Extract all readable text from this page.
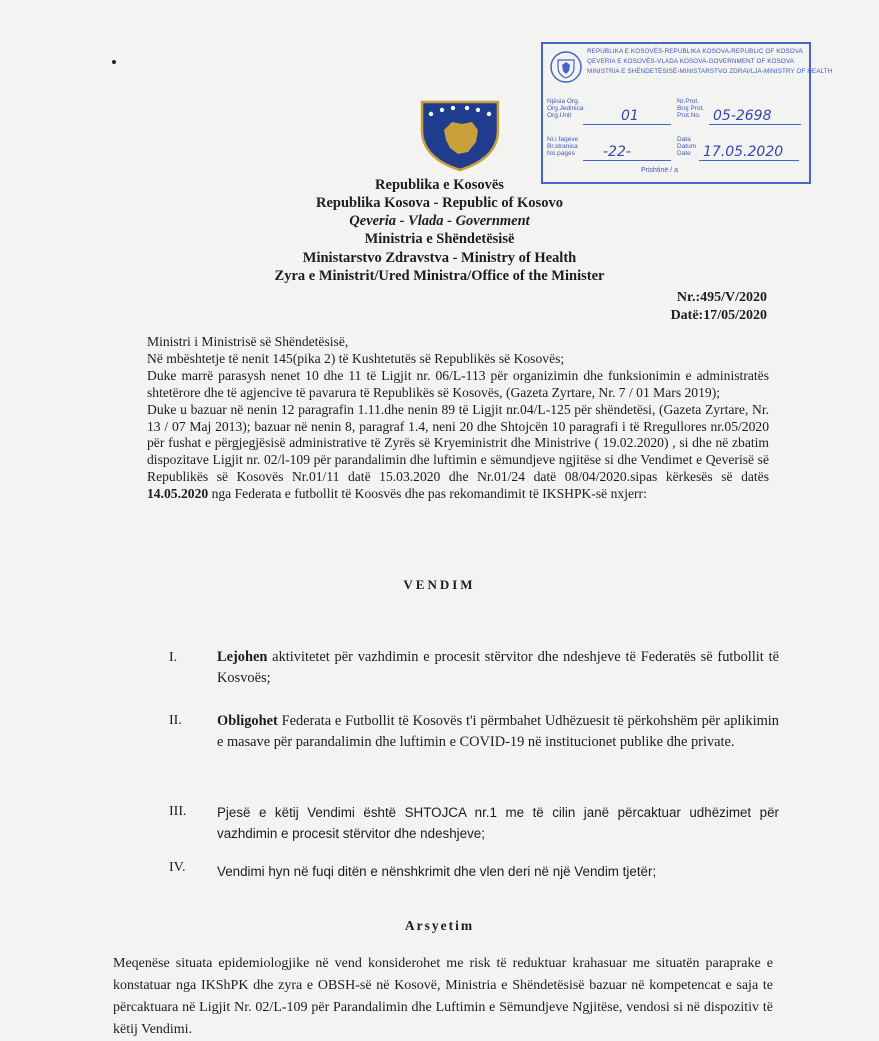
REPUBLIKA E KOSOVËS-REPUBLIKA KOSOVA-REPUBLIC OF KOSOVA
QEVERIA E KOSOVËS-VLADA KOSOVA-GOVERNMENT OF KOSOVA
MINISTRIA E SHËNDETËSISË-MINISTARSTVO ZDRAVLJA-MINISTRY OF HEALTH
Njësia Org.
Org.Jedinica
Org.Unit	01
Nr.Prot.
Broj Prot.
Prot.No. 05-2698
Nr.i faqeve
Br.stranica
No.pages -22-
Data
Datum
Date 17.05.2020
Prishtinë / a
Republika e Kosovës
Republika Kosova - Republic of Kosovo
Qeveria - Vlada - Government
Ministria e Shëndetësisë
Ministarstvo Zdravstva - Ministry of Health
Zyra e Ministrit/Ured Ministra/Office of the Minister
Nr.:495/V/2020
Datë:17/05/2020

Ministri i Ministrisë së Shëndetësisë,

Në mbështetje të nenit 145(pika 2) të Kushtetutës së Republikës së Kosovës;

Duke marrë parasysh nenet 10 dhe 11 të Ligjit nr. 06/L-113 për organizimin dhe funksionimin e administratës shtetërore dhe të agjencive të pavarura të Republikës së Kosovës, (Gazeta Zyrtare, Nr. 7 / 01 Mars 2019);

Duke u bazuar në nenin 12 paragrafin 1.11.dhe nenin 89 të Ligjit nr.04/L-125 për shëndetësi, (Gazeta Zyrtare, Nr. 13 / 07 Maj 2013); bazuar në nenin 8, paragraf 1.4, neni 20 dhe Shtojcën 10 paragrafi i të Rregullores nr.05/2020 për fushat e përgjegjësisë administrative të Zyrës së Kryeministrit dhe Ministrive ( 19.02.2020) , si dhe në zbatim dispozitave Ligjit nr. 02/l-109 për parandalimin dhe luftimin e sëmundjeve ngjitëse si dhe Vendimet e Qeverisë së Republikës së Kosovës Nr.01/11 datë 15.03.2020 dhe Nr.01/24 datë 08/04/2020.sipas kërkesës së datës 14.05.2020 nga Federata e futbollit të Koosvës dhe pas rekomandimit të IKSHPK-së nxjerr:

VENDIM
I.	Lejohen aktivitetet për vazhdimin e procesit stërvitor dhe ndeshjeve të Federatës së futbollit të Kosvoës;
II. Obligohet Federata e Futbollit të Kosovës t'i përmbahet Udhëzuesit të përkohshëm për aplikimin e masave për parandalimin dhe luftimin e COVID-19 në institucionet publike dhe private.
III. Pjesë e këtij Vendimi është SHTOJCA nr.1 me të cilin janë përcaktuar udhëzimet për vazhdimin e procesit stërvitor dhe ndeshjeve;
IV. Vendimi hyn në fuqi ditën e nënshkrimit dhe vlen deri në një Vendim tjetër;
Arsyetim
Meqenëse situata epidemiologjike në vend konsiderohet me risk të reduktuar krahasuar me situatën paraprake e konstatuar nga IKShPK dhe zyra e OBSH-së në Kosovë, Ministria e Shëndetësisë bazuar në kompetencat e saja te përcaktuara në Ligjit Nr. 02/L-109 për Parandalimin dhe Luftimin e Sëmundjeve Ngjitëse, vendosi si në dispozitiv të këtij Vendimi.
